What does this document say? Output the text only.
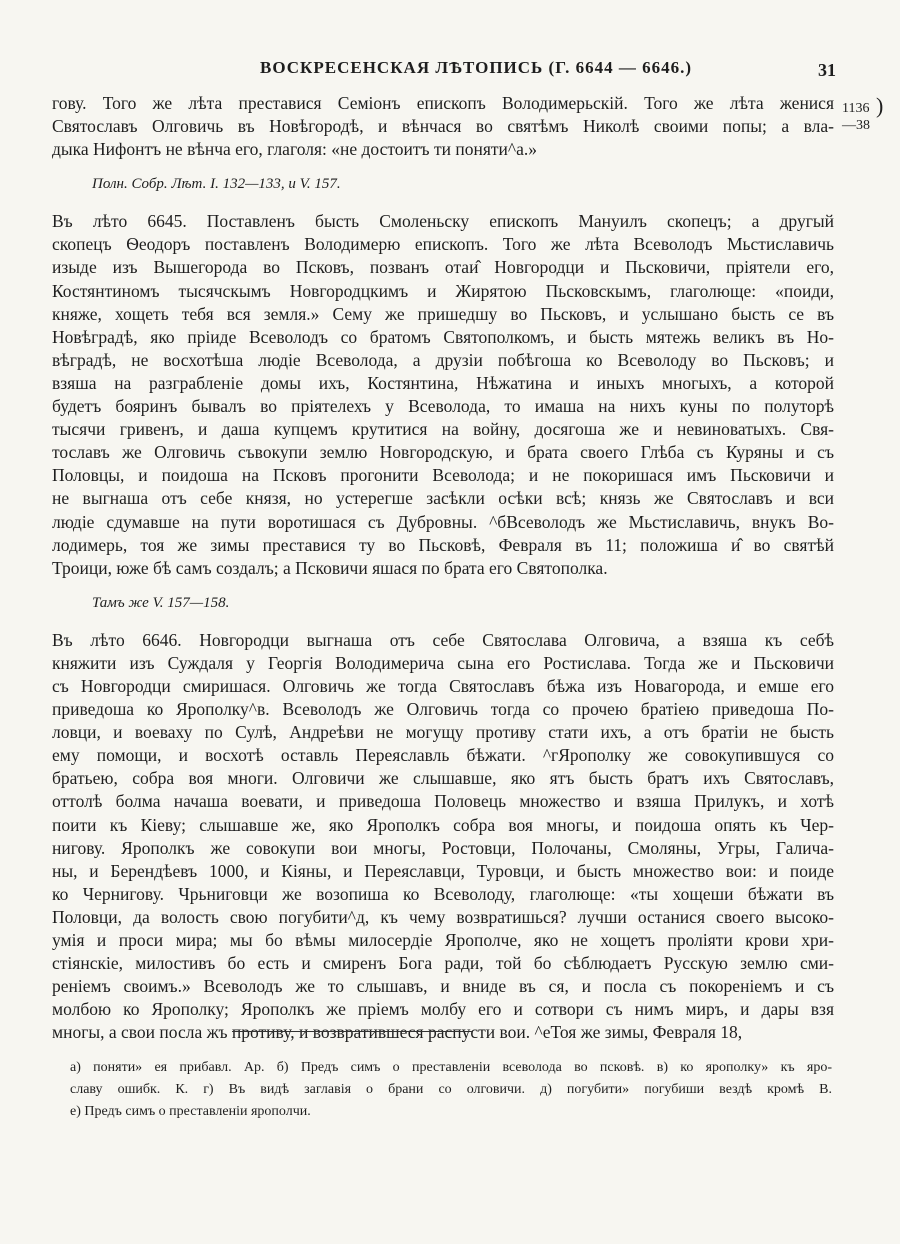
ВОСКРЕСЕНСКАЯ ЛѢТОПИСЬ (Г. 6644 — 6646.)	31
1136
—38
)
гову. Того же лѣта преставися Семіонъ епископъ Володимерьскій. Того же лѣта женися
Святославъ Олговичь въ Новѣгородѣ, и вѣнчася во святѣмъ Николѣ своими попы; а вла-
дыка Нифонтъ не вѣнча его, глаголя: «не достоитъ ти поняти^а.»
Полн. Собр. Лѣт. I. 132—133, и V. 157.
Въ лѣто 6645. Поставленъ бысть Смоленьску епископъ Мануилъ скопецъ; а другый
скопецъ Ѳеодоръ поставленъ Володимерю епископъ. Того же лѣта Всеволодъ Мьстиславичь
изыде изъ Вышегорода во Псковъ, позванъ отаи̂ Новгородци и Пьсковичи, пріятели его,
Костянтиномъ тысячскымъ Новгородцкимъ и Жирятою Пьсковскымъ, глаголюще: «поиди,
княже, хощеть тебя вся земля.» Сему же пришедшу во Пьсковъ, и услышано бысть се въ
Новѣградѣ, яко пріиде Всеволодъ со братомъ Святополкомъ, и бысть мятежь великъ въ Но-
вѣградѣ, не восхотѣша людіе Всеволода, а друзіи побѣгоша ко Всеволоду во Пьсковъ; и
взяша на разграбленіе домы ихъ, Костянтина, Нѣжатина и иныхъ многыхъ, а которой
будетъ бояринъ бывалъ во пріятелехъ у Всеволода, то имаша на нихъ куны по полуторѣ
тысячи гривенъ, и даша купцемъ крутитися на войну, досягоша же и невиноватыхъ. Свя-
тославъ же Олговичь съвокупи землю Новгородскую, и брата своего Глѣба съ Куряны и съ
Половцы, и поидоша на Псковъ прогонити Всеволода; и не покоришася имъ Пьсковичи и
не выгнаша отъ себе князя, но устерегше засѣкли осѣки всѣ; князь же Святославъ и вси
людіе сдумавше на пути воротишася съ Дубровны. ^бВсеволодъ же Мьстиславичь, внукъ Во-
лодимерь, тоя же зимы преставися ту во Пьсковѣ, Февраля въ 11; положиша и̂ во святѣй
Троици, юже бѣ самъ создалъ; а Псковичи яшася по брата его Святополка.
Тамъ же V. 157—158.
Въ лѣто 6646. Новгородци выгнаша отъ себе Святослава Олговича, а взяша къ себѣ
княжити изъ Суждаля у Георгія Володимерича сына его Ростислава. Тогда же и Пьсковичи
съ Новгородци смиришася. Олговичь же тогда Святославъ бѣжа изъ Новагорода, и емше его
приведоша ко Ярополку^в. Всеволодъ же Олговичь тогда со прочею братіею приведоша По-
ловци, и воеваху по Сулѣ, Андреѣви не могущу противу стати ихъ, а отъ братіи не бысть
ему помощи, и восхотѣ оставль Переяславль бѣжати. ^гЯрополку же совокупившуся со
братьею, собра воя многи. Олговичи же слышавше, яко ятъ бысть братъ ихъ Святославъ,
оттолѣ болма начаша воевати, и приведоша Половець множество и взяша Прилукъ, и хотѣ
поити къ Кіеву; слышавше же, яко Ярополкъ собра воя многы, и поидоша опять къ Чер-
нигову. Ярополкъ же совокупи вои многы, Ростовци, Полочаны, Смоляны, Угры, Галича-
ны, и Берендѣевъ 1000, и Кіяны, и Переяславци, Туровци, и бысть множество вои: и поиде
ко Чернигову. Чрьниговци же возопиша ко Всеволоду, глаголюще: «ты хощеши бѣжати въ
Половци, да волость свою погубити^д, къ чему возвратишься? лучши останися своего высоко-
умія и проси мира; мы бо вѣмы милосердіе Ярополче, яко не хощетъ проліяти крови хри-
стіянскіе, милостивъ бо есть и смиренъ Бога ради, той бо сѣблюдаетъ Русскую землю сми-
реніемъ своимъ.» Всеволодъ же то слышавъ, и вниде въ ся, и посла съ покореніемъ и съ
молбою ко Ярополку; Ярополкъ же пріемъ молбу его и сотвори съ нимъ миръ, и дары взя
многы, а свои посла жъ противу, и возвратившеся распусти вои. ^еТоя же зимы, Февраля 18,
а) поняти» ея прибавл. Ар. б) Предъ симъ о преставленіи всеволода во псковѣ. в) ко ярополку» къ яро-
славу ошибк. К. г) Въ видѣ заглавія о брани со олговичи. д) погубити» погубиши вездѣ кромѣ В.
е) Предъ симъ о преставленіи ярополчи.
